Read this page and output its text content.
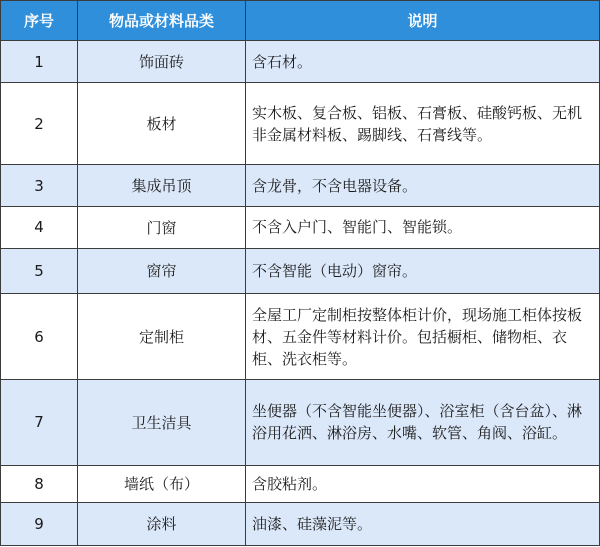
序号	物品或材料品类	说明
1	饰面砖	含石材。
2	板材	实木板、复合板、铝板、石膏板、硅酸钙板、无机非金属材料板、踢脚线、石膏线等。
3	集成吊顶	含龙骨，不含电器设备。
4	门窗	不含入户门、智能门、智能锁。
5	窗帘	不含智能（电动）窗帘。
6	定制柜	全屋工厂定制柜按整体柜计价，现场施工柜体按板材、五金件等材料计价。包括橱柜、储物柜、衣柜、洗衣柜等。
7	卫生洁具	坐便器（不含智能坐便器）、浴室柜（含台盆）、淋浴用花洒、淋浴房、水嘴、软管、角阀、浴缸。
8	墙纸（布）	含胶粘剂。
9	涂料	油漆、硅藻泥等。
